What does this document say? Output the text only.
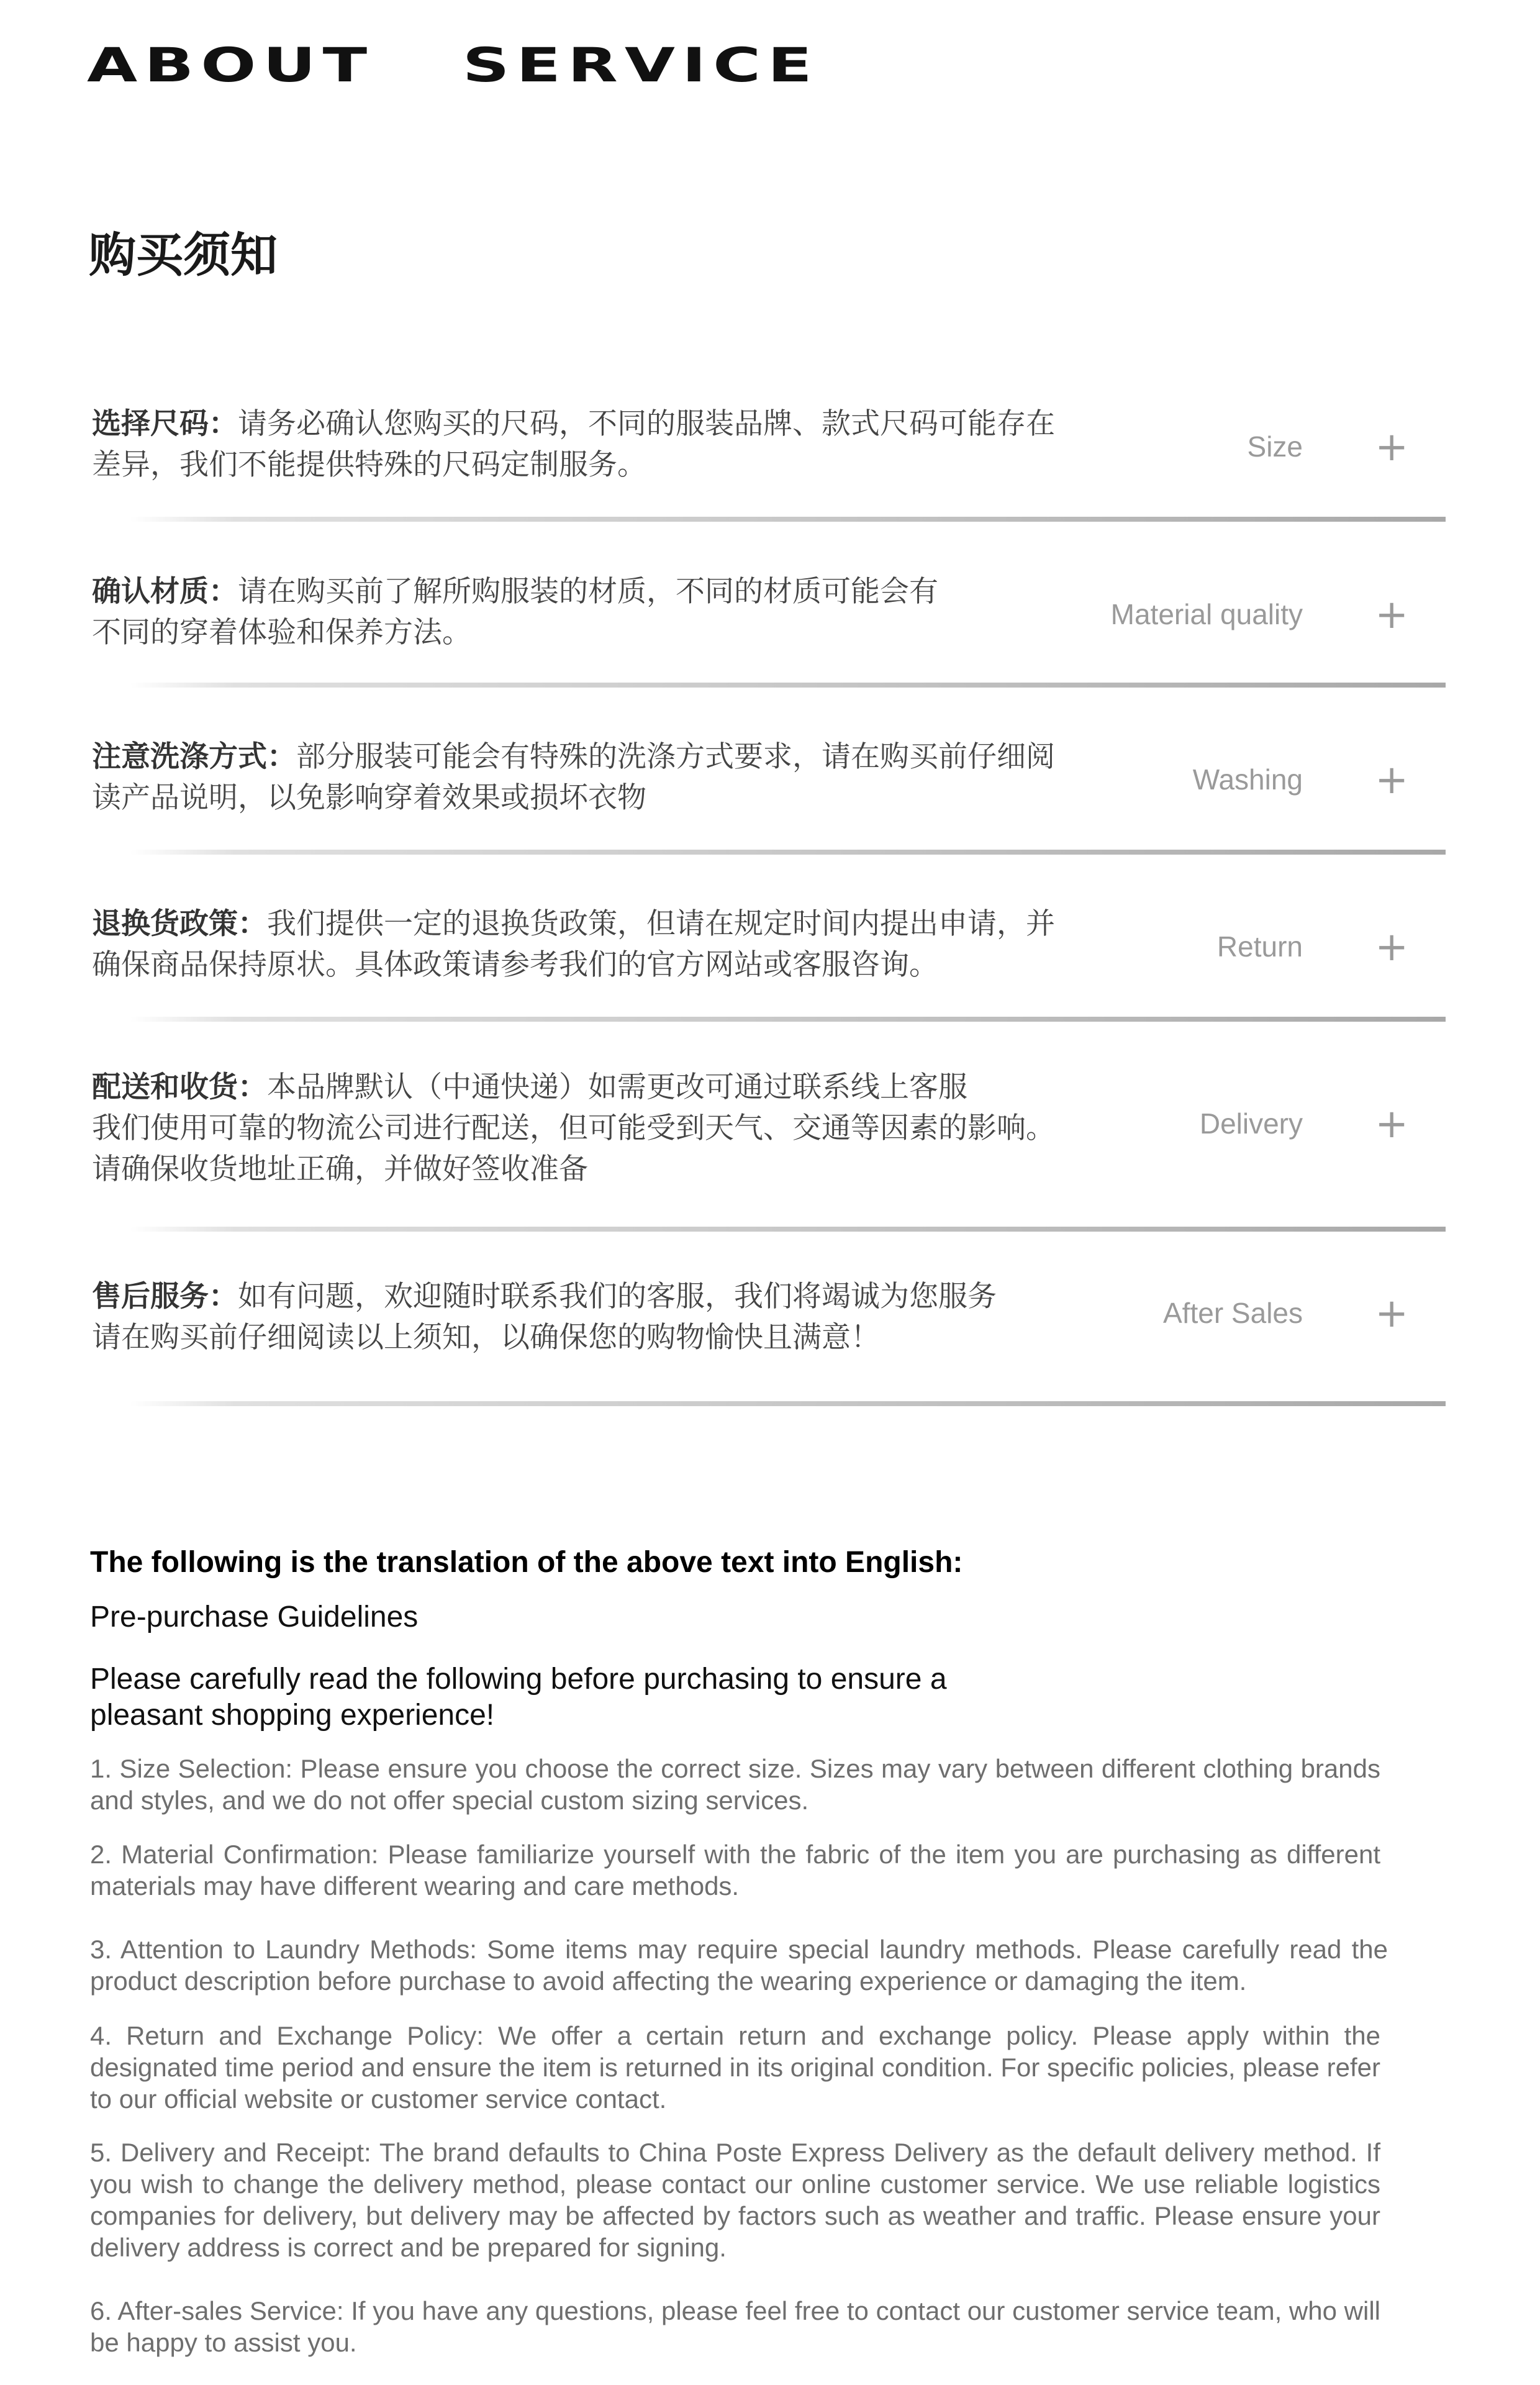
ABOUT   SERVICE
购买须知
选择尺码：请务必确认您购买的尺码，不同的服装品牌、款式尺码可能存在差异，我们不能提供特殊的尺码定制服务。
Size +
确认材质：请在购买前了解所购服装的材质，不同的材质可能会有不同的穿着体验和保养方法。
Material quality +
注意洗涤方式：部分服装可能会有特殊的洗涤方式要求，请在购买前仔细阅读产品说明，以免影响穿着效果或损坏衣物
Washing +
退换货政策：我们提供一定的退换货政策，但请在规定时间内提出申请，并确保商品保持原状。具体政策请参考我们的官方网站或客服咨询。
Return +
配送和收货：本品牌默认（中通快递）如需更改可通过联系线上客服
我们使用可靠的物流公司进行配送，但可能受到天气、交通等因素的影响。
请确保收货地址正确，并做好签收准备
Delivery +
售后服务：如有问题，欢迎随时联系我们的客服，我们将竭诚为您服务
请在购买前仔细阅读以上须知，以确保您的购物愉快且满意！
After Sales +
The following is the translation of the above text into English:
Pre-purchase Guidelines
Please carefully read the following before purchasing to ensure a pleasant shopping experience!

1. Size Selection: Please ensure you choose the correct size. Sizes may vary between different clothing brands and styles, and we do not offer special custom sizing services.

2. Material Confirmation: Please familiarize yourself with the fabric of the item you are purchasing as different materials may have different wearing and care methods.

3. Attention to Laundry Methods: Some items may require special laundry methods. Please carefully read the product description before purchase to avoid affecting the wearing experience or damaging the item.

4. Return and Exchange Policy: We offer a certain return and exchange policy. Please apply within the designated time period and ensure the item is returned in its original condition. For specific policies, please refer to our official website or customer service contact.

5. Delivery and Receipt: The brand defaults to China Poste Express Delivery as the default delivery method. If you wish to change the delivery method, please contact our online customer service. We use reliable logistics companies for delivery, but delivery may be affected by factors such as weather and traffic. Please ensure your delivery address is correct and be prepared for signing.

6. After-sales Service: If you have any questions, please feel free to contact our customer service team, who will be happy to assist you.
